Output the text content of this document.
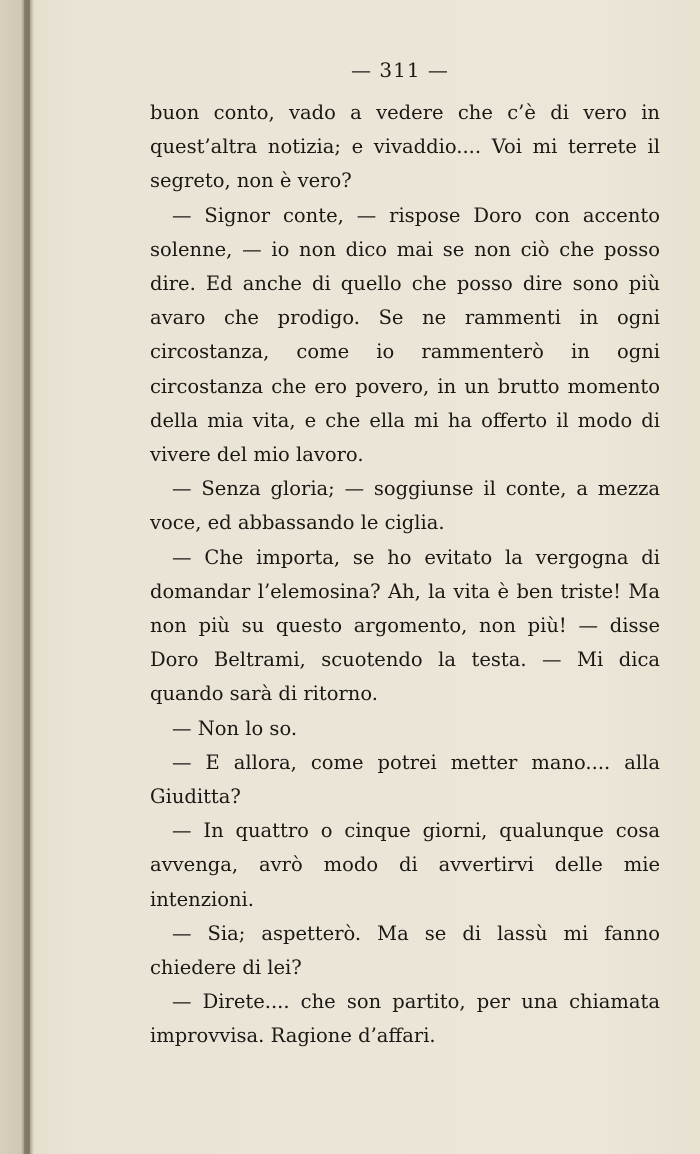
— 311 —

buon conto, vado a vedere che c’è di vero in quest’altra notizia; e vivaddio.... Voi mi terrete il segreto, non è vero?

— Signor conte, — rispose Doro con accento solenne, — io non dico mai se non ciò che posso dire. Ed anche di quello che posso dire sono più avaro che prodigo. Se ne rammenti in ogni circostanza, come io rammenterò in ogni circostanza che ero povero, in un brutto momento della mia vita, e che ella mi ha offerto il modo di vivere del mio lavoro.

— Senza gloria; — soggiunse il conte, a mezza voce, ed abbassando le ciglia.

— Che importa, se ho evitato la vergogna di domandar l’elemosina? Ah, la vita è ben triste! Ma non più su questo argomento, non più! — disse Doro Beltrami, scuotendo la testa. — Mi dica quando sarà di ritorno.

— Non lo so.

— E allora, come potrei metter mano.... alla Giuditta?

— In quattro o cinque giorni, qualunque cosa avvenga, avrò modo di avvertirvi delle mie intenzioni.

— Sia; aspetterò. Ma se di lassù mi fanno chiedere di lei?

— Direte.... che son partito, per una chiamata improvvisa. Ragione d’affari.
